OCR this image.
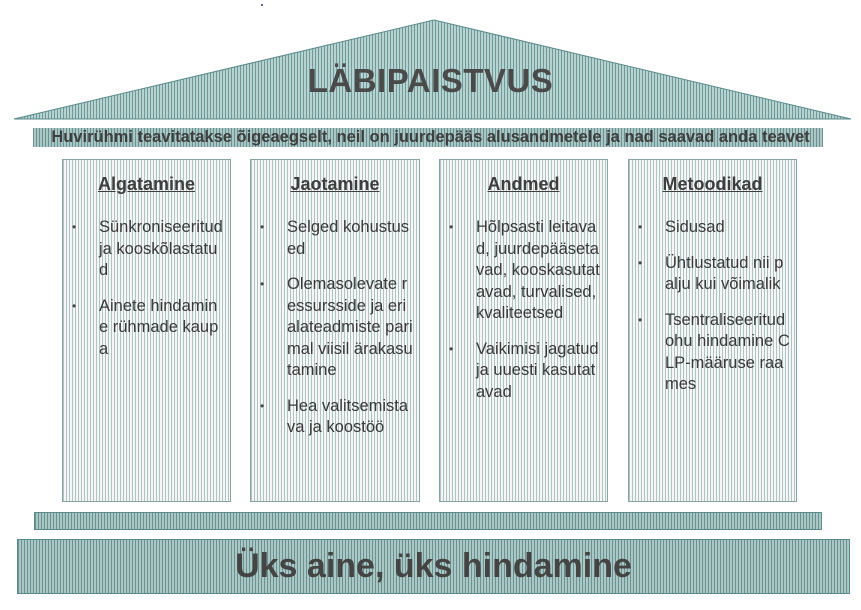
LÄBIPAISTVUS
Huvirühmi teavitatakse õigeaegselt, neil on juurdepääs alusandmetele ja nad saavad anda teavet
Algatamine
• Sünkroniseeritud ja kooskõlastatud
• Ainete hindamine rühmade kaupa
Jaotamine
• Selged kohustused
• Olemasolevate ressursside ja erialateadmiste parimal viisil ärakasutamine
• Hea valitsemistava ja koostöö
Andmed
• Hõlpsasti leitavad, juurdepääsetavad, kooskasutatavad, turvalised, kvaliteetsed
• Vaikimisi jagatud ja uuesti kasutatavad
Metoodikad
• Sidusad
• Ühtlustatud nii palju kui võimalik
• Tsentraliseeritud ohu hindamine CLP-määruse raames
Üks aine, üks hindamine
